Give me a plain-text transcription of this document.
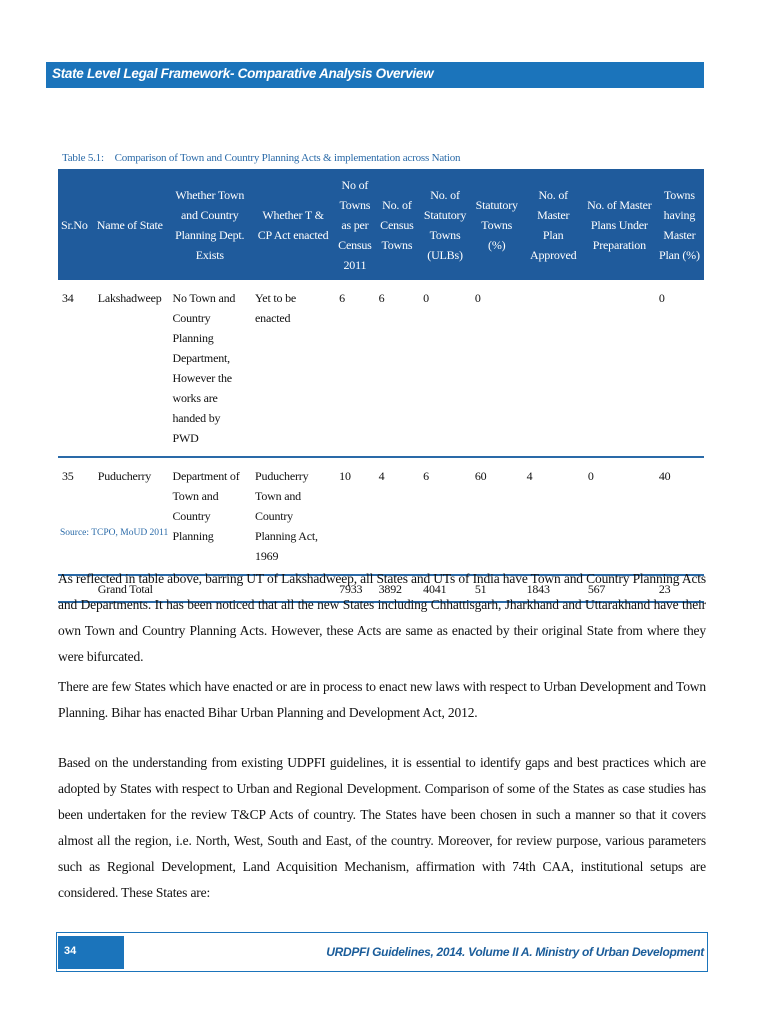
State Level Legal Framework- Comparative Analysis Overview
Table 5.1: Comparison of Town and Country Planning Acts & implementation across Nation
Sr.No	Name of State	Whether Town and Country Planning Dept. Exists	Whether T & CP Act enacted	No of Towns as per Census 2011	No. of Census Towns	No. of Statutory Towns (ULBs)	Statutory Towns (%)	No. of Master Plan Approved	No. of Master Plans Under Preparation	Towns having Master Plan (%)
34	Lakshadweep	No Town and Country Planning Department, However the works are handed by PWD	Yet to be enacted	6	6	0	0			0
35	Puducherry	Department of Town and Country Planning	Puducherry Town and Country Planning Act, 1969	10	4	6	60	4	0	40
	Grand Total			7933	3892	4041	51	1843	567	23
Source: TCPO, MoUD 2011

As reflected in table above, barring UT of Lakshadweep, all States and UTs of India have Town and Country Planning Acts and Departments. It has been noticed that all the new States including Chhattisgarh, Jharkhand and Uttarakhand have their own Town and Country Planning Acts. However, these Acts are same as enacted by their original State from where they were bifurcated.

There are few States which have enacted or are in process to enact new laws with respect to Urban Development and Town Planning. Bihar has enacted Bihar Urban Planning and Development Act, 2012.

Based on the understanding from existing UDPFI guidelines, it is essential to identify gaps and best practices which are adopted by States with respect to Urban and Regional Development. Comparison of some of the States as case studies has been undertaken for the review T&CP Acts of country. The States have been chosen in such a manner so that it covers almost all the region, i.e. North, West, South and East, of the country. Moreover, for review purpose, various parameters such as Regional Development, Land Acquisition Mechanism, affirmation with 74th CAA, institutional setups are considered. These States are:

34	URDPFI Guidelines, 2014. Volume II A. Ministry of Urban Development
